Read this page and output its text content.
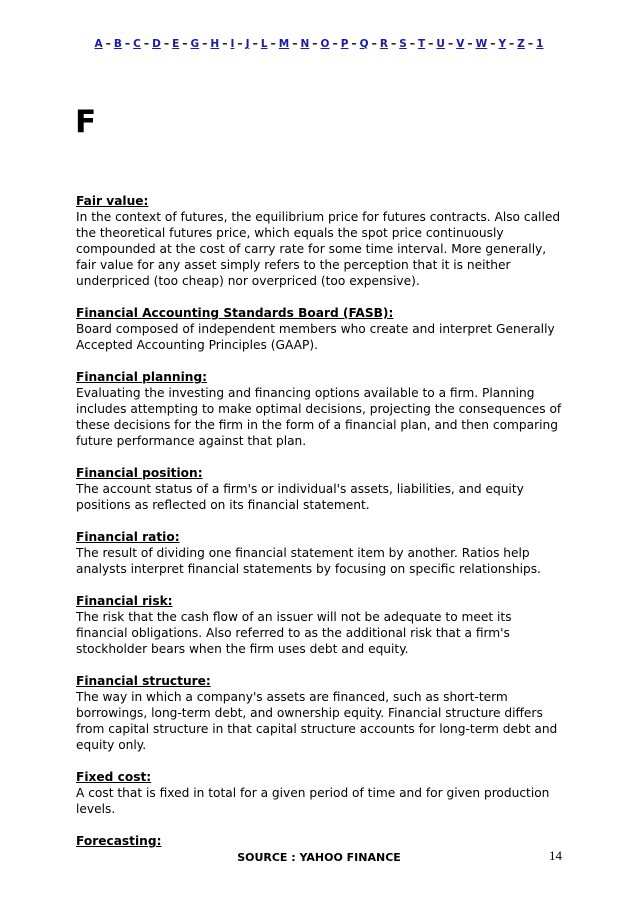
A – B – C – D – E – G – H – I – J – L – M – N – O – P – Q – R – S – T – U – V – W – Y – Z – 1
F
Fair value:
In the context of futures, the equilibrium price for futures contracts. Also called the theoretical futures price, which equals the spot price continuously compounded at the cost of carry rate for some time interval. More generally, fair value for any asset simply refers to the perception that it is neither underpriced (too cheap) nor overpriced (too expensive).
Financial Accounting Standards Board (FASB):
Board composed of independent members who create and interpret Generally Accepted Accounting Principles (GAAP).
Financial planning:
Evaluating the investing and financing options available to a firm. Planning includes attempting to make optimal decisions, projecting the consequences of these decisions for the firm in the form of a financial plan, and then comparing future performance against that plan.
Financial position:
The account status of a firm's or individual's assets, liabilities, and equity positions as reflected on its financial statement.
Financial ratio:
The result of dividing one financial statement item by another. Ratios help analysts interpret financial statements by focusing on specific relationships.
Financial risk:
The risk that the cash flow of an issuer will not be adequate to meet its financial obligations. Also referred to as the additional risk that a firm's stockholder bears when the firm uses debt and equity.
Financial structure:
The way in which a company's assets are financed, such as short-term borrowings, long-term debt, and ownership equity. Financial structure differs from capital structure in that capital structure accounts for long-term debt and equity only.
Fixed cost:
A cost that is fixed in total for a given period of time and for given production levels.
Forecasting:
SOURCE : YAHOO FINANCE	14
